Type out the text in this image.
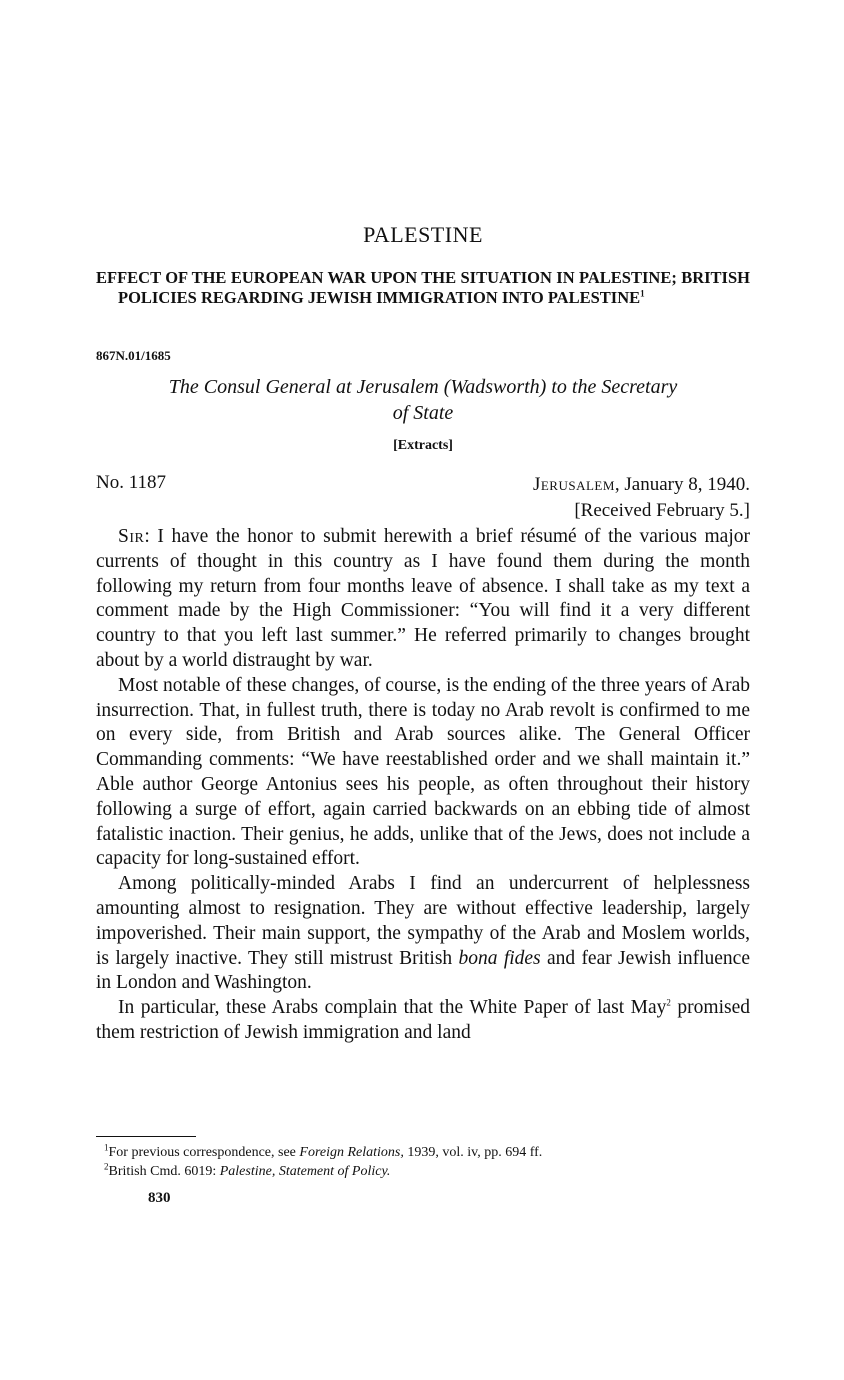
PALESTINE
EFFECT OF THE EUROPEAN WAR UPON THE SITUATION IN PALESTINE; BRITISH POLICIES REGARDING JEWISH IMMIGRATION INTO PALESTINE$^1$
867N.01/1685
The Consul General at Jerusalem (Wadsworth) to the Secretary
of State
[Extracts]
No. 1187	Jerusalem, January 8, 1940.
[Received February 5.]

Sir: I have the honor to submit herewith a brief résumé of the various major currents of thought in this country as I have found them during the month following my return from four months leave of absence. I shall take as my text a comment made by the High Commissioner: “You will find it a very different country to that you left last summer.” He referred primarily to changes brought about by a world distraught by war.

Most notable of these changes, of course, is the ending of the three years of Arab insurrection. That, in fullest truth, there is today no Arab revolt is confirmed to me on every side, from British and Arab sources alike. The General Officer Commanding comments: “We have reestablished order and we shall maintain it.” Able author George Antonius sees his people, as often throughout their history following a surge of effort, again carried backwards on an ebbing tide of almost fatalistic inaction. Their genius, he adds, unlike that of the Jews, does not include a capacity for long-sustained effort.

Among politically-minded Arabs I find an undercurrent of helplessness amounting almost to resignation. They are without effective leadership, largely impoverished. Their main support, the sympathy of the Arab and Moslem worlds, is largely inactive. They still mistrust British bona fides and fear Jewish influence in London and Washington.

In particular, these Arabs complain that the White Paper of last May$^2$ promised them restriction of Jewish immigration and land

$^1$For previous correspondence, see Foreign Relations, 1939, vol. iv, pp. 694 ff.

$^2$British Cmd. 6019: Palestine, Statement of Policy.

830
